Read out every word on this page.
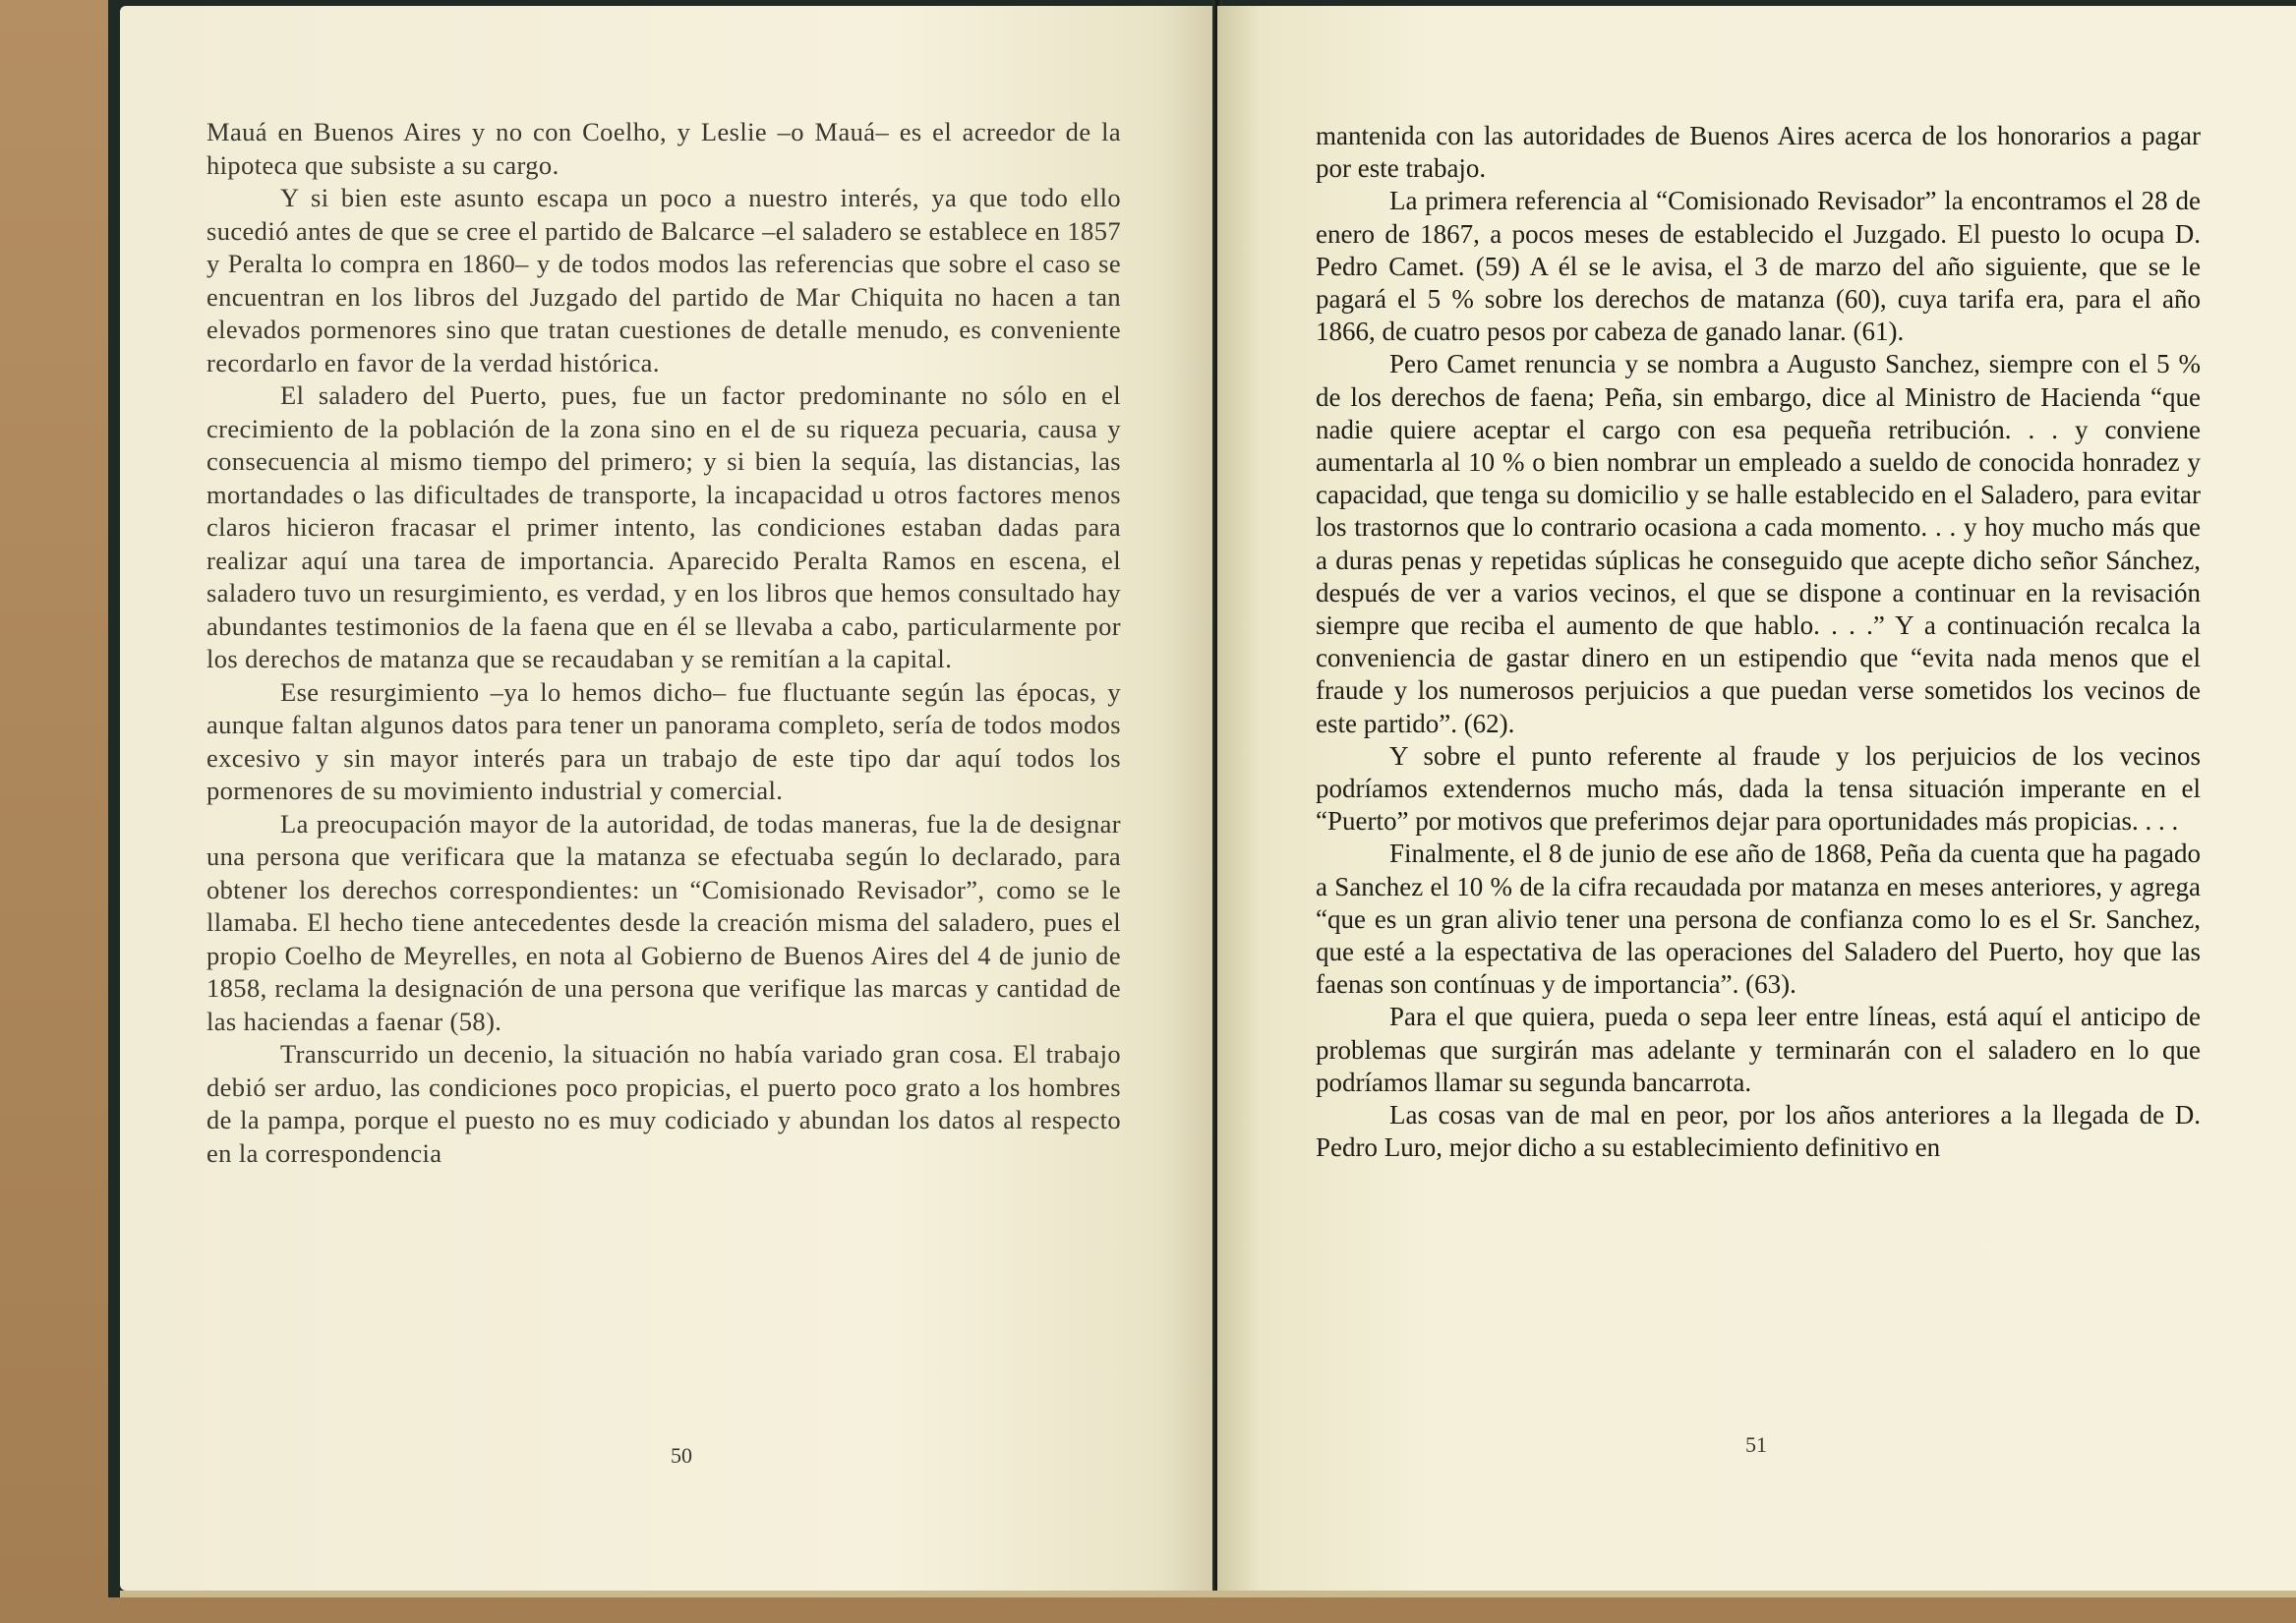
Mauá en Buenos Aires y no con Coelho, y Leslie –o Mauá– es el acreedor de la hipoteca que subsiste a su cargo.

Y si bien este asunto escapa un poco a nuestro interés, ya que todo ello sucedió antes de que se cree el partido de Balcarce –el saladero se establece en 1857 y Peralta lo compra en 1860– y de todos modos las referencias que sobre el caso se encuentran en los libros del Juzgado del partido de Mar Chiquita no hacen a tan elevados pormenores sino que tratan cuestiones de detalle menudo, es conveniente recordarlo en favor de la verdad histórica.

El saladero del Puerto, pues, fue un factor predominante no sólo en el crecimiento de la población de la zona sino en el de su riqueza pecuaria, causa y consecuencia al mismo tiempo del primero; y si bien la sequía, las distancias, las mortandades o las dificultades de transporte, la incapacidad u otros factores menos claros hicieron fracasar el primer intento, las condiciones estaban dadas para realizar aquí una tarea de importancia. Aparecido Peralta Ramos en escena, el saladero tuvo un resurgimiento, es verdad, y en los libros que hemos consultado hay abundantes testimonios de la faena que en él se llevaba a cabo, particularmente por los derechos de matanza que se recaudaban y se remitían a la capital.

Ese resurgimiento –ya lo hemos dicho– fue fluctuante según las épocas, y aunque faltan algunos datos para tener un panorama completo, sería de todos modos excesivo y sin mayor interés para un trabajo de este tipo dar aquí todos los pormenores de su movimiento industrial y comercial.

La preocupación mayor de la autoridad, de todas maneras, fue la de designar una persona que verificara que la matanza se efectuaba según lo declarado, para obtener los derechos correspondientes: un “Comisionado Revisador”, como se le llamaba. El hecho tiene antecedentes desde la creación misma del saladero, pues el propio Coelho de Meyrelles, en nota al Gobierno de Buenos Aires del 4 de junio de 1858, reclama la designación de una persona que verifique las marcas y cantidad de las haciendas a faenar (58).

Transcurrido un decenio, la situación no había variado gran cosa. El trabajo debió ser arduo, las condiciones poco propicias, el puerto poco grato a los hombres de la pampa, porque el puesto no es muy codiciado y abundan los datos al respecto en la correspondencia

50

mantenida con las autoridades de Buenos Aires acerca de los honorarios a pagar por este trabajo.

La primera referencia al “Comisionado Revisador” la encontramos el 28 de enero de 1867, a pocos meses de establecido el Juzgado. El puesto lo ocupa D. Pedro Camet. (59) A él se le avisa, el 3 de marzo del año siguiente, que se le pagará el 5 % sobre los derechos de matanza (60), cuya tarifa era, para el año 1866, de cuatro pesos por cabeza de ganado lanar. (61).

Pero Camet renuncia y se nombra a Augusto Sanchez, siempre con el 5 % de los derechos de faena; Peña, sin embargo, dice al Ministro de Hacienda “que nadie quiere aceptar el cargo con esa pequeña retribución. . . y conviene aumentarla al 10 % o bien nombrar un empleado a sueldo de conocida honradez y capacidad, que tenga su domicilio y se halle establecido en el Saladero, para evitar los trastornos que lo contrario ocasiona a cada momento. . . y hoy mucho más que a duras penas y repetidas súplicas he conseguido que acepte dicho señor Sánchez, después de ver a varios vecinos, el que se dispone a continuar en la revisación siempre que reciba el aumento de que hablo. . . .” Y a continuación recalca la conveniencia de gastar dinero en un estipendio que “evita nada menos que el fraude y los numerosos perjuicios a que puedan verse sometidos los vecinos de este partido”. (62).

Y sobre el punto referente al fraude y los perjuicios de los vecinos podríamos extendernos mucho más, dada la tensa situación imperante en el “Puerto” por motivos que preferimos dejar para oportunidades más propicias. . . .

Finalmente, el 8 de junio de ese año de 1868, Peña da cuenta que ha pagado a Sanchez el 10 % de la cifra recaudada por matanza en meses anteriores, y agrega “que es un gran alivio tener una persona de confianza como lo es el Sr. Sanchez, que esté a la espectativa de las operaciones del Saladero del Puerto, hoy que las faenas son contínuas y de importancia”. (63).

Para el que quiera, pueda o sepa leer entre líneas, está aquí el anticipo de problemas que surgirán mas adelante y terminarán con el saladero en lo que podríamos llamar su segunda bancarrota.

Las cosas van de mal en peor, por los años anteriores a la llegada de D. Pedro Luro, mejor dicho a su establecimiento definitivo en

51
